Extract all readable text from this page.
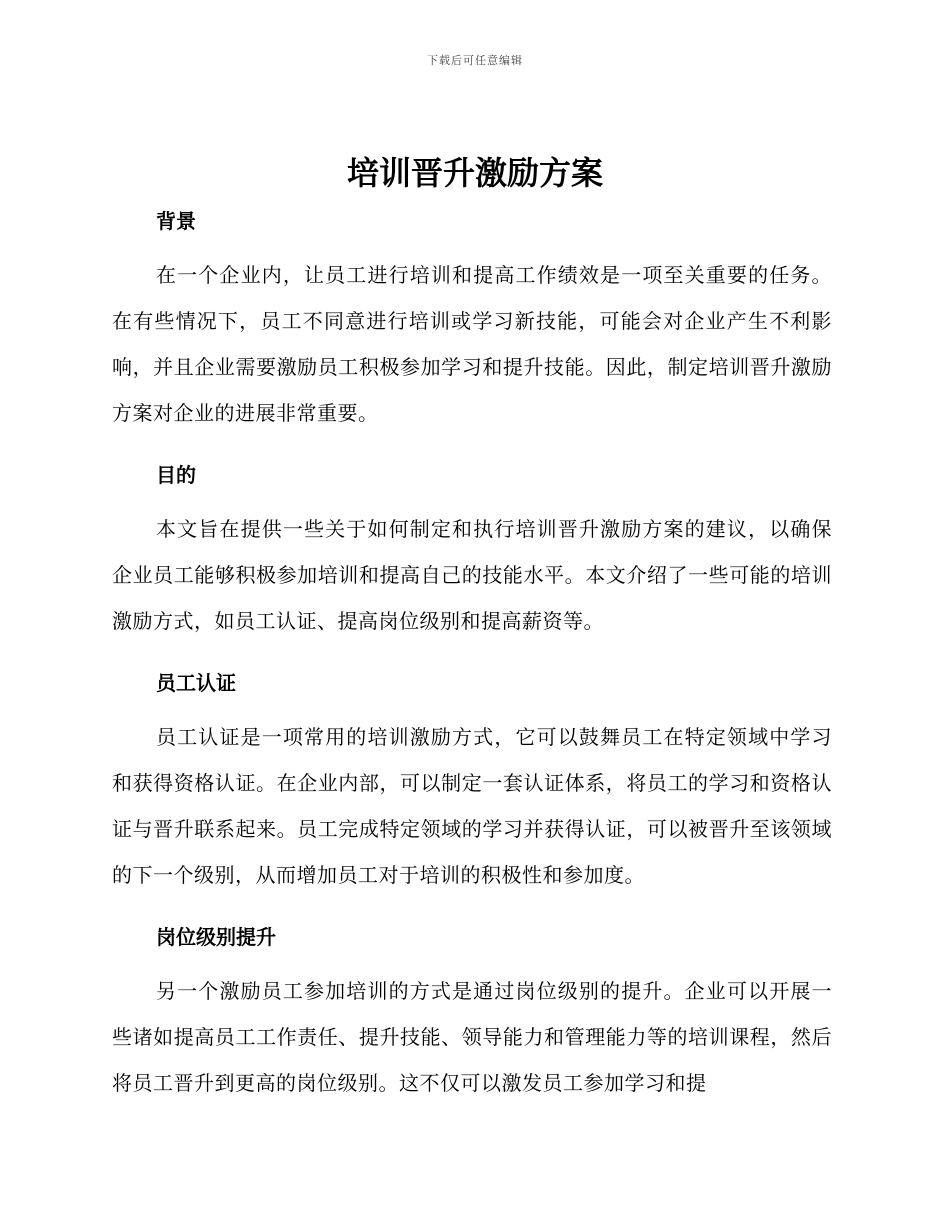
下载后可任意编辑
培训晋升激励方案
背景

在一个企业内，让员工进行培训和提高工作绩效是一项至关重要的任务。在有些情况下，员工不同意进行培训或学习新技能，可能会对企业产生不利影响，并且企业需要激励员工积极参加学习和提升技能。因此，制定培训晋升激励方案对企业的进展非常重要。

目的

本文旨在提供一些关于如何制定和执行培训晋升激励方案的建议，以确保企业员工能够积极参加培训和提高自己的技能水平。本文介绍了一些可能的培训激励方式，如员工认证、提高岗位级别和提高薪资等。

员工认证

员工认证是一项常用的培训激励方式，它可以鼓舞员工在特定领域中学习和获得资格认证。在企业内部，可以制定一套认证体系，将员工的学习和资格认证与晋升联系起来。员工完成特定领域的学习并获得认证，可以被晋升至该领域的下一个级别，从而增加员工对于培训的积极性和参加度。

岗位级别提升

另一个激励员工参加培训的方式是通过岗位级别的提升。企业可以开展一些诸如提高员工工作责任、提升技能、领导能力和管理能力等的培训课程，然后将员工晋升到更高的岗位级别。这不仅可以激发员工参加学习和提
